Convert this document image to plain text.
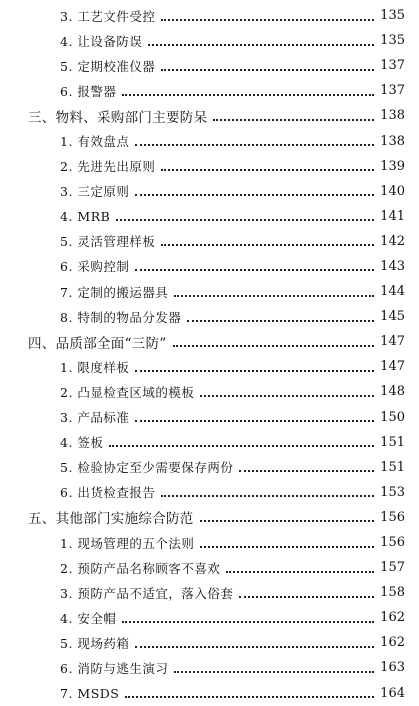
3. 工艺文件受控	135
4. 让设备防误	135
5. 定期校准仪器	137
6. 报警器	137
三、物料、采购部门主要防呆	138
1. 有效盘点	138
2. 先进先出原则	139
3. 三定原则	140
4. MRB	141
5. 灵活管理样板	142
6. 采购控制	143
7. 定制的搬运器具	144
8. 特制的物品分发器	145
四、品质部全面“三防”	147
1. 限度样板	147
2. 凸显检查区域的模板	148
3. 产品标准	150
4. 签板	151
5. 检验协定至少需要保存两份	151
6. 出货检查报告	153
五、其他部门实施综合防范	156
1. 现场管理的五个法则	156
2. 预防产品名称顾客不喜欢	157
3. 预防产品不适宜，落入俗套	158
4. 安全帽	162
5. 现场药箱	162
6. 消防与逃生演习	163
7. MSDS	164
